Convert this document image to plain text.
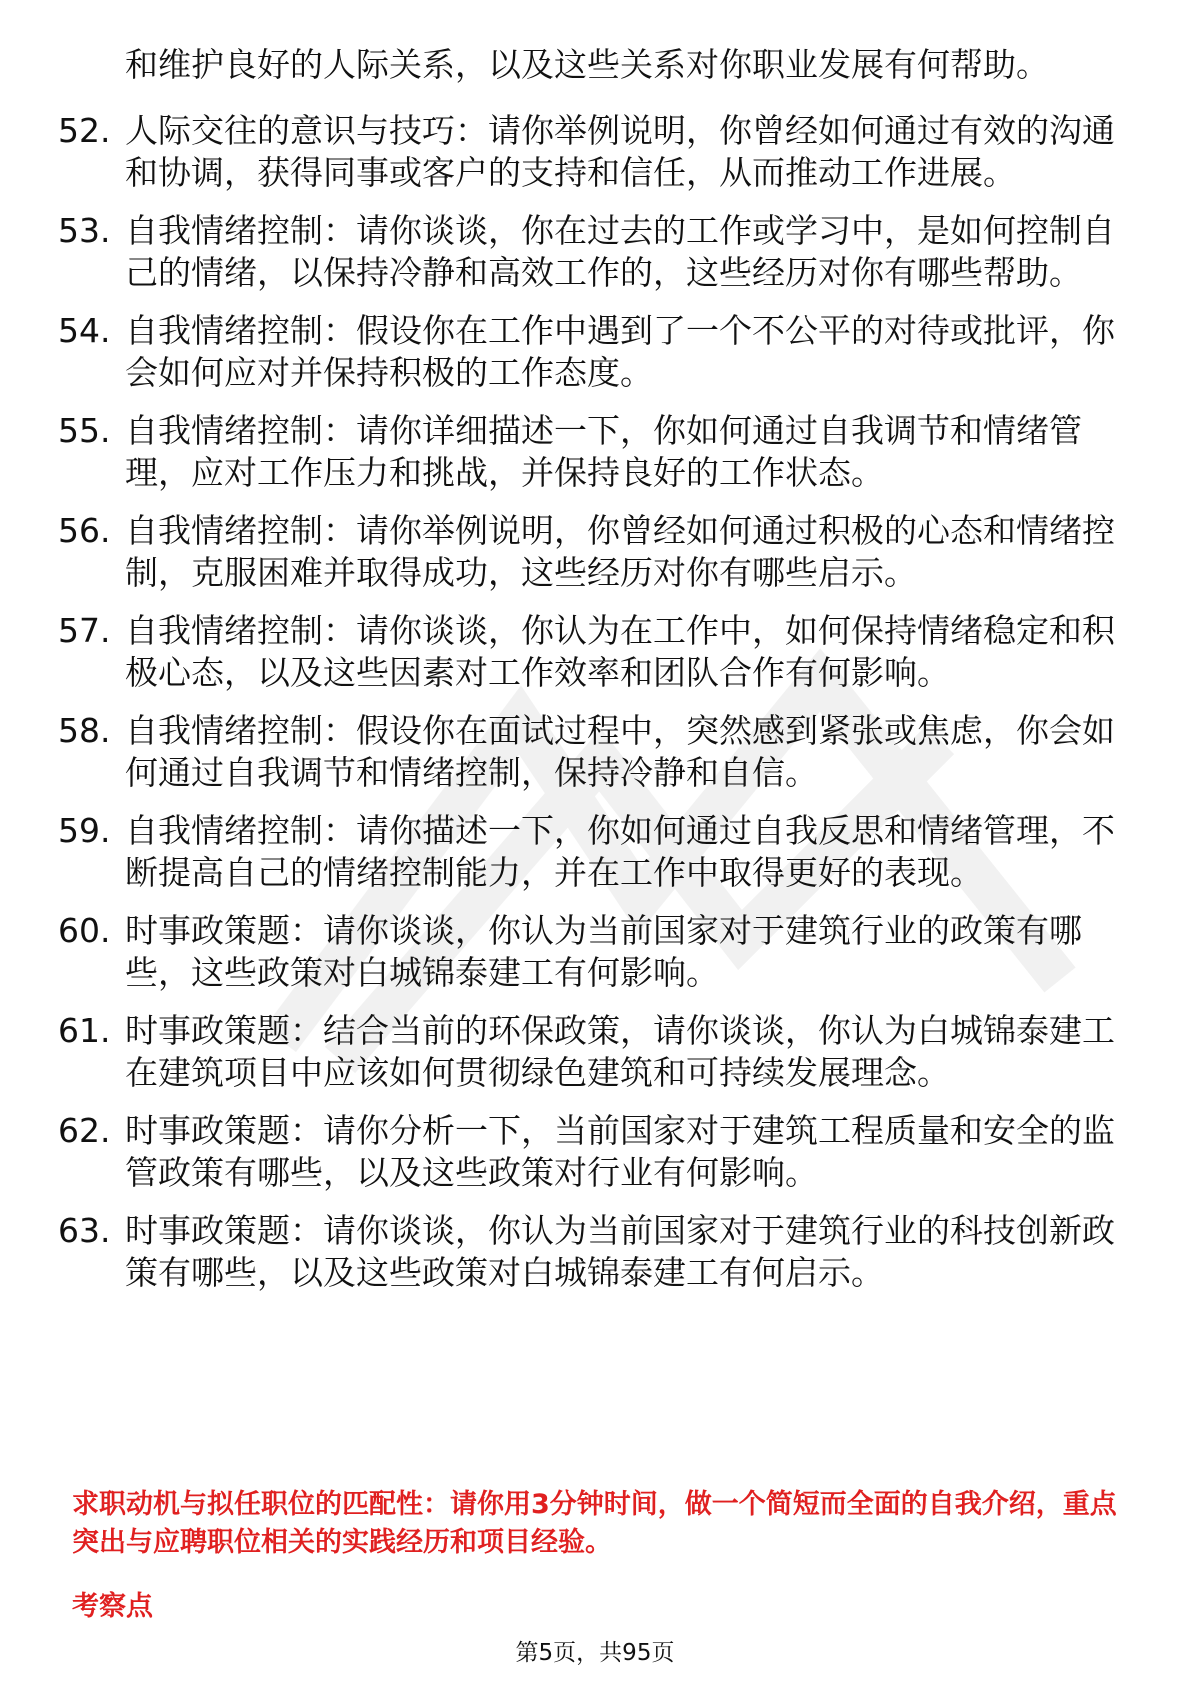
和维护良好的人际关系，以及这些关系对你职业发展有何帮助。

52. 人际交往的意识与技巧：请你举例说明，你曾经如何通过有效的沟通和协调，获得同事或客户的支持和信任，从而推动工作进展。
53. 自我情绪控制：请你谈谈，你在过去的工作或学习中，是如何控制自己的情绪，以保持冷静和高效工作的，这些经历对你有哪些帮助。
54. 自我情绪控制：假设你在工作中遇到了一个不公平的对待或批评，你会如何应对并保持积极的工作态度。
55. 自我情绪控制：请你详细描述一下，你如何通过自我调节和情绪管理，应对工作压力和挑战，并保持良好的工作状态。
56. 自我情绪控制：请你举例说明，你曾经如何通过积极的心态和情绪控制，克服困难并取得成功，这些经历对你有哪些启示。
57. 自我情绪控制：请你谈谈，你认为在工作中，如何保持情绪稳定和积极心态，以及这些因素对工作效率和团队合作有何影响。
58. 自我情绪控制：假设你在面试过程中，突然感到紧张或焦虑，你会如何通过自我调节和情绪控制，保持冷静和自信。
59. 自我情绪控制：请你描述一下，你如何通过自我反思和情绪管理，不断提高自己的情绪控制能力，并在工作中取得更好的表现。
60. 时事政策题：请你谈谈，你认为当前国家对于建筑行业的政策有哪些，这些政策对白城锦泰建工有何影响。
61. 时事政策题：结合当前的环保政策，请你谈谈，你认为白城锦泰建工在建筑项目中应该如何贯彻绿色建筑和可持续发展理念。
62. 时事政策题：请你分析一下，当前国家对于建筑工程质量和安全的监管政策有哪些，以及这些政策对行业有何影响。
63. 时事政策题：请你谈谈，你认为当前国家对于建筑行业的科技创新政策有哪些，以及这些政策对白城锦泰建工有何启示。

求职动机与拟任职位的匹配性：请你用3分钟时间，做一个简短而全面的自我介绍，重点突出与应聘职位相关的实践经历和项目经验。

考察点

第5页，共95页
